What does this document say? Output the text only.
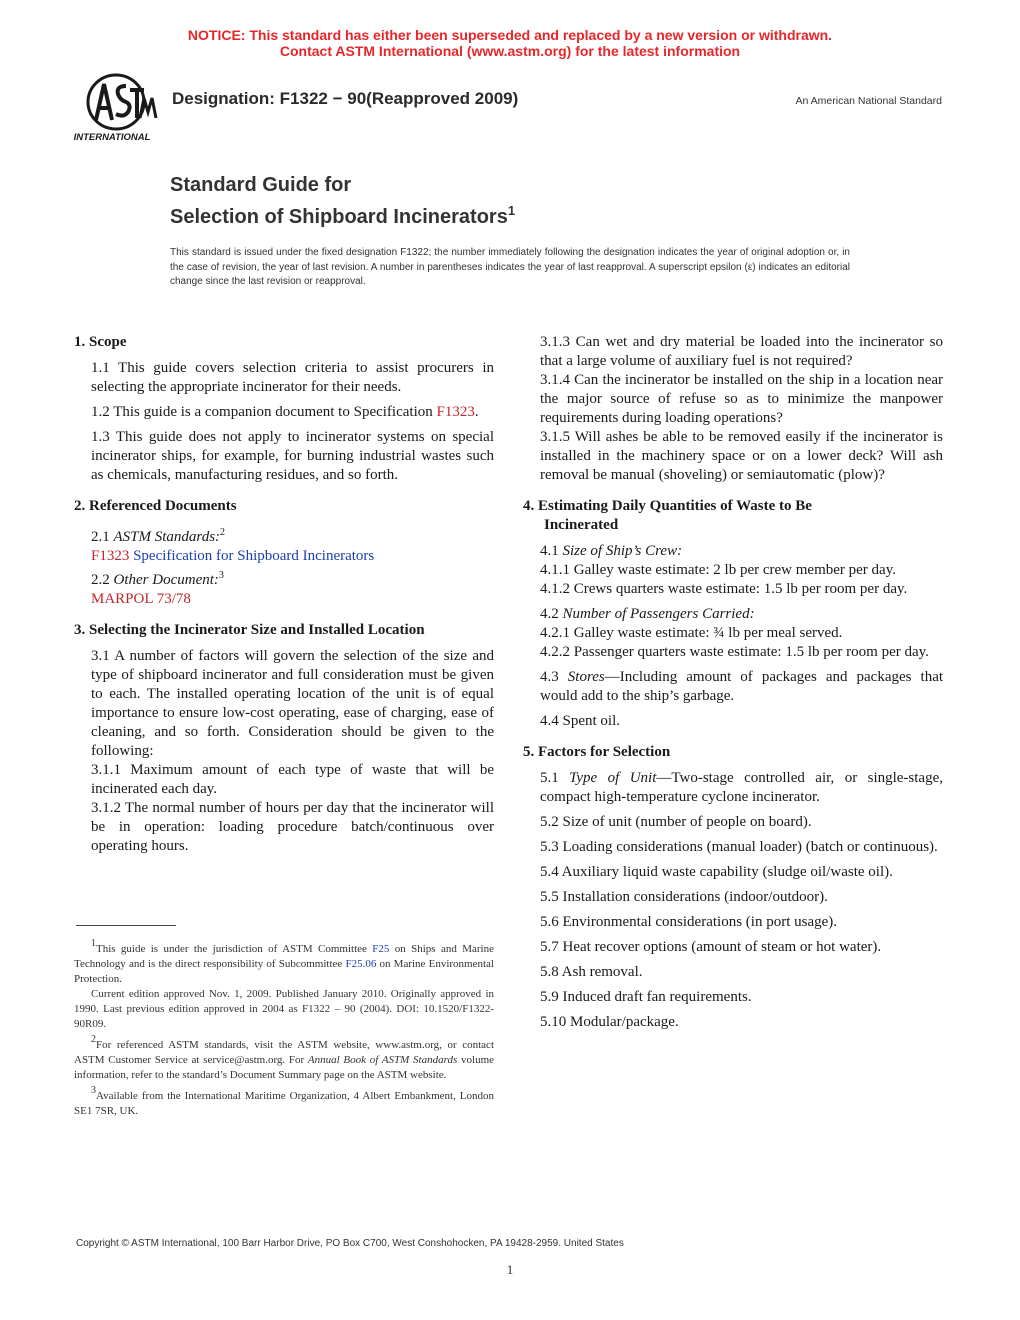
NOTICE: This standard has either been superseded and replaced by a new version or withdrawn.
Contact ASTM International (www.astm.org) for the latest information
INTERNATIONAL
Designation: F1322 − 90(Reapproved 2009)	An American National Standard
Standard Guide for
Selection of Shipboard Incinerators$^1$
This standard is issued under the fixed designation F1322; the number immediately following the designation indicates the year of original adoption or, in the case of revision, the year of last revision. A number in parentheses indicates the year of last reapproval. A superscript epsilon (ε) indicates an editorial change since the last revision or reapproval.
1. Scope

1.1 This guide covers selection criteria to assist procurers in selecting the appropriate incinerator for their needs.

1.2 This guide is a companion document to Specification F1323.

1.3 This guide does not apply to incinerator systems on special incinerator ships, for example, for burning industrial wastes such as chemicals, manufacturing residues, and so forth.

2. Referenced Documents

2.1 ASTM Standards:$^2$

F1323 Specification for Shipboard Incinerators

2.2 Other Document:$^3$

MARPOL 73/78

3. Selecting the Incinerator Size and Installed Location

3.1 A number of factors will govern the selection of the size and type of shipboard incinerator and full consideration must be given to each. The installed operating location of the unit is of equal importance to ensure low-cost operating, ease of charging, ease of cleaning, and so forth. Consideration should be given to the following:

3.1.1 Maximum amount of each type of waste that will be incinerated each day.

3.1.2 The normal number of hours per day that the incinerator will be in operation: loading procedure batch/continuous over operating hours.

3.1.3 Can wet and dry material be loaded into the incinerator so that a large volume of auxiliary fuel is not required?

3.1.4 Can the incinerator be installed on the ship in a location near the major source of refuse so as to minimize the manpower requirements during loading operations?

3.1.5 Will ashes be able to be removed easily if the incinerator is installed in the machinery space or on a lower deck? Will ash removal be manual (shoveling) or semiautomatic (plow)?

4. Estimating Daily Quantities of Waste to Be
Incinerated

4.1 Size of Ship’s Crew:

4.1.1 Galley waste estimate: 2 lb per crew member per day.

4.1.2 Crews quarters waste estimate: 1.5 lb per room per day.

4.2 Number of Passengers Carried:

4.2.1 Galley waste estimate: ¾ lb per meal served.

4.2.2 Passenger quarters waste estimate: 1.5 lb per room per day.

4.3 Stores—Including amount of packages and packages that would add to the ship’s garbage.

4.4 Spent oil.

5. Factors for Selection

5.1 Type of Unit—Two-stage controlled air, or single-stage, compact high-temperature cyclone incinerator.

5.2 Size of unit (number of people on board).

5.3 Loading considerations (manual loader) (batch or continuous).

5.4 Auxiliary liquid waste capability (sludge oil/waste oil).

5.5 Installation considerations (indoor/outdoor).

5.6 Environmental considerations (in port usage).

5.7 Heat recover options (amount of steam or hot water).

5.8 Ash removal.

5.9 Induced draft fan requirements.

5.10 Modular/package.

1This guide is under the jurisdiction of ASTM Committee F25 on Ships and Marine Technology and is the direct responsibility of Subcommittee F25.06 on Marine Environmental Protection.

Current edition approved Nov. 1, 2009. Published January 2010. Originally approved in 1990. Last previous edition approved in 2004 as F1322 – 90 (2004). DOI: 10.1520/F1322-90R09.

2For referenced ASTM standards, visit the ASTM website, www.astm.org, or contact ASTM Customer Service at service@astm.org. For Annual Book of ASTM Standards volume information, refer to the standard’s Document Summary page on the ASTM website.

3Available from the International Maritime Organization, 4 Albert Embankment, London SE1 7SR, UK.

Copyright © ASTM International, 100 Barr Harbor Drive, PO Box C700, West Conshohocken, PA 19428-2959. United States
1
